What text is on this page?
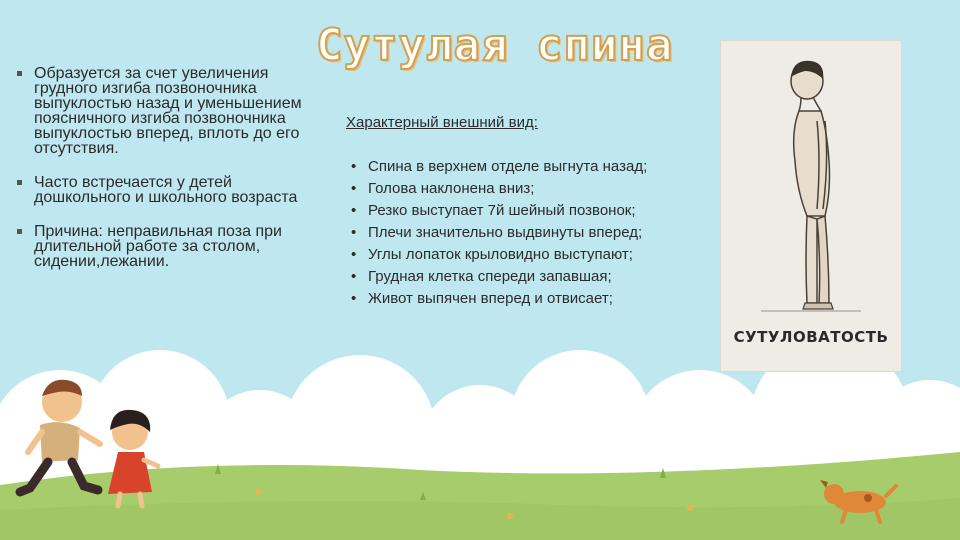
Сутулая спина
Образуется за счет увеличения грудного изгиба позвоночника выпуклостью назад и уменьшением поясничного изгиба позвоночника выпуклостью вперед, вплоть до его отсутствия.
Часто встречается у детей дошкольного и школьного возраста
Причина: неправильная поза при длительной работе за столом, сидении,лежании.
Характерный внешний вид:
• Спина в верхнем отделе выгнута назад;
• Голова наклонена вниз;
• Резко выступает 7й шейный позвонок;
• Плечи значительно выдвинуты вперед;
• Углы лопаток крыловидно выступают;
• Грудная клетка спереди запавшая;
• Живот выпячен вперед и отвисает;
СУТУЛОВАТОСТЬ
